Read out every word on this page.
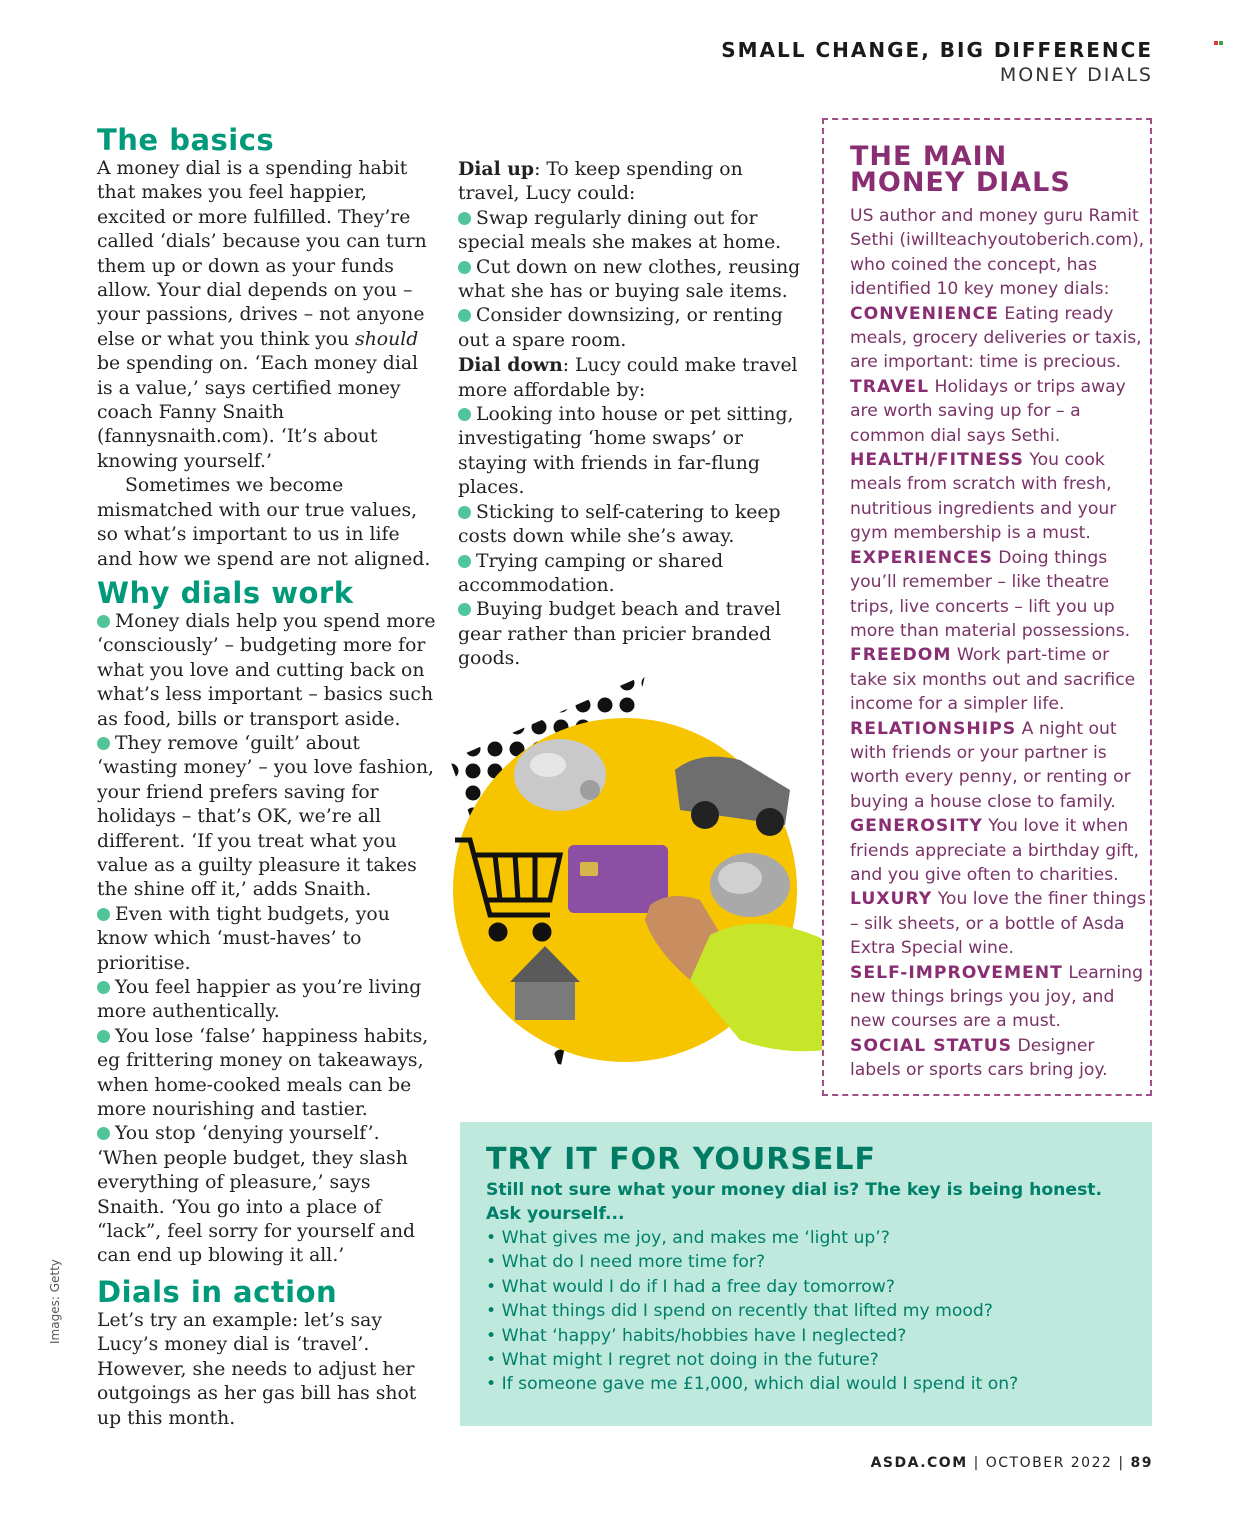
SMALL CHANGE, BIG DIFFERENCE
MONEY DIALS
The basics

A money dial is a spending habit that makes you feel happier, excited or more fulfilled. They’re called ‘dials’ because you can turn them up or down as your funds allow. Your dial depends on you – your passions, drives – not anyone else or what you think you should be spending on. ‘Each money dial is a value,’ says certified money coach Fanny Snaith (fannysnaith.com). ‘It’s about knowing yourself.’

Sometimes we become mismatched with our true values, so what’s important to us in life and how we spend are not aligned.

Why dials work

Money dials help you spend more ‘consciously’ – budgeting more for what you love and cutting back on what’s less important – basics such as food, bills or transport aside.

They remove ‘guilt’ about ‘wasting money’ – you love fashion, your friend prefers saving for holidays – that’s OK, we’re all different. ‘If you treat what you value as a guilty pleasure it takes the shine off it,’ adds Snaith.

Even with tight budgets, you know which ‘must-haves’ to prioritise.

You feel happier as you’re living more authentically.

You lose ‘false’ happiness habits, eg frittering money on takeaways, when home-cooked meals can be more nourishing and tastier.

You stop ‘denying yourself’. ‘When people budget, they slash everything of pleasure,’ says Snaith. ‘You go into a place of “lack”, feel sorry for yourself and can end up blowing it all.’

Dials in action

Let’s try an example: let’s say Lucy’s money dial is ‘travel’. However, she needs to adjust her outgoings as her gas bill has shot up this month.

Dial up: To keep spending on travel, Lucy could:

Swap regularly dining out for special meals she makes at home.

Cut down on new clothes, reusing what she has or buying sale items.

Consider downsizing, or renting out a spare room.

Dial down: Lucy could make travel more affordable by:

Looking into house or pet sitting, investigating ‘home swaps’ or staying with friends in far-flung places.

Sticking to self-catering to keep costs down while she’s away.

Trying camping or shared accommodation.

Buying budget beach and travel gear rather than pricier branded goods.

THE MAIN
MONEY DIALS

US author and money guru Ramit Sethi (iwillteachyoutoberich.com), who coined the concept, has identified 10 key money dials:

CONVENIENCE Eating ready meals, grocery deliveries or taxis, are important: time is precious.

TRAVEL Holidays or trips away are worth saving up for – a common dial says Sethi.

HEALTH/FITNESS You cook meals from scratch with fresh, nutritious ingredients and your gym membership is a must.

EXPERIENCES Doing things you’ll remember – like theatre trips, live concerts – lift you up more than material possessions.

FREEDOM Work part-time or take six months out and sacrifice income for a simpler life.

RELATIONSHIPS A night out with friends or your partner is worth every penny, or renting or buying a house close to family.

GENEROSITY You love it when friends appreciate a birthday gift, and you give often to charities.

LUXURY You love the finer things – silk sheets, or a bottle of Asda Extra Special wine.

SELF-IMPROVEMENT Learning new things brings you joy, and new courses are a must.

SOCIAL STATUS Designer labels or sports cars bring joy.

TRY IT FOR YOURSELF
Still not sure what your money dial is? The key is being honest. Ask yourself...
• What gives me joy, and makes me ‘light up’?
• What do I need more time for?
• What would I do if I had a free day tomorrow?
• What things did I spend on recently that lifted my mood?
• What ‘happy’ habits/hobbies have I neglected?
• What might I regret not doing in the future?
• If someone gave me £1,000, which dial would I spend it on?
Images: Getty
ASDA.COM | OCTOBER 2022 | 89
